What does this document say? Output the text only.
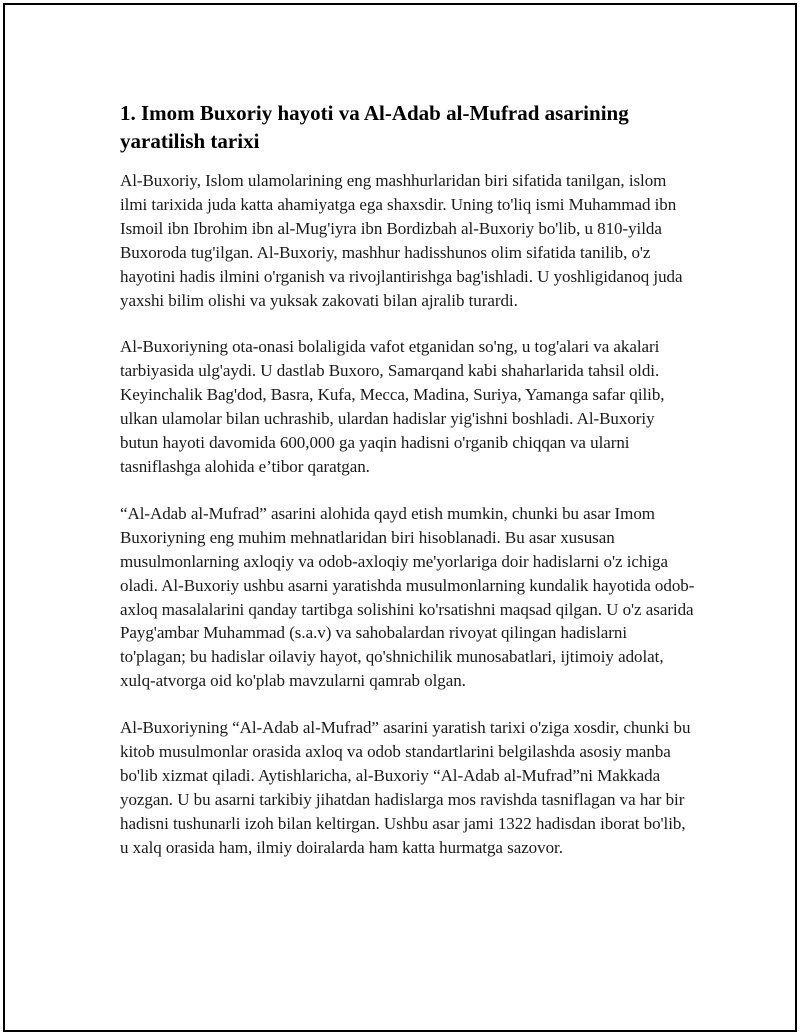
1. Imom Buxoriy hayoti va Al-Adab al-Mufrad asarining yaratilish tarixi

Al-Buxoriy, Islom ulamolarining eng mashhurlaridan biri sifatida tanilgan, islom ilmi tarixida juda katta ahamiyatga ega shaxsdir. Uning to'liq ismi Muhammad ibn Ismoil ibn Ibrohim ibn al-Mug'iyra ibn Bordizbah al-Buxoriy bo'lib, u 810-yilda Buxoroda tug'ilgan. Al-Buxoriy, mashhur hadisshunos olim sifatida tanilib, o'z hayotini hadis ilmini o'rganish va rivojlantirishga bag'ishladi. U yoshligidanoq juda yaxshi bilim olishi va yuksak zakovati bilan ajralib turardi.

Al-Buxoriyning ota-onasi bolaligida vafot etganidan so'ng, u tog'alari va akalari tarbiyasida ulg'aydi. U dastlab Buxoro, Samarqand kabi shaharlarida tahsil oldi. Keyinchalik Bag'dod, Basra, Kufa, Mecca, Madina, Suriya, Yamanga safar qilib, ulkan ulamolar bilan uchrashib, ulardan hadislar yig'ishni boshladi. Al-Buxoriy butun hayoti davomida 600,000 ga yaqin hadisni o'rganib chiqqan va ularni tasniflashga alohida e’tibor qaratgan.

“Al-Adab al-Mufrad” asarini alohida qayd etish mumkin, chunki bu asar Imom Buxoriyning eng muhim mehnatlaridan biri hisoblanadi. Bu asar xususan musulmonlarning axloqiy va odob-axloqiy me'yorlariga doir hadislarni o'z ichiga oladi. Al-Buxoriy ushbu asarni yaratishda musulmonlarning kundalik hayotida odob-axloq masalalarini qanday tartibga solishini ko'rsatishni maqsad qilgan. U o'z asarida Payg'ambar Muhammad (s.a.v) va sahobalardan rivoyat qilingan hadislarni to'plagan; bu hadislar oilaviy hayot, qo'shnichilik munosabatlari, ijtimoiy adolat, xulq-atvorga oid ko'plab mavzularni qamrab olgan.

Al-Buxoriyning “Al-Adab al-Mufrad” asarini yaratish tarixi o'ziga xosdir, chunki bu kitob musulmonlar orasida axloq va odob standartlarini belgilashda asosiy manba bo'lib xizmat qiladi. Aytishlaricha, al-Buxoriy “Al-Adab al-Mufrad”ni Makkada yozgan. U bu asarni tarkibiy jihatdan hadislarga mos ravishda tasniflagan va har bir hadisni tushunarli izoh bilan keltirgan. Ushbu asar jami 1322 hadisdan iborat bo'lib, u xalq orasida ham, ilmiy doiralarda ham katta hurmatga sazovor.
